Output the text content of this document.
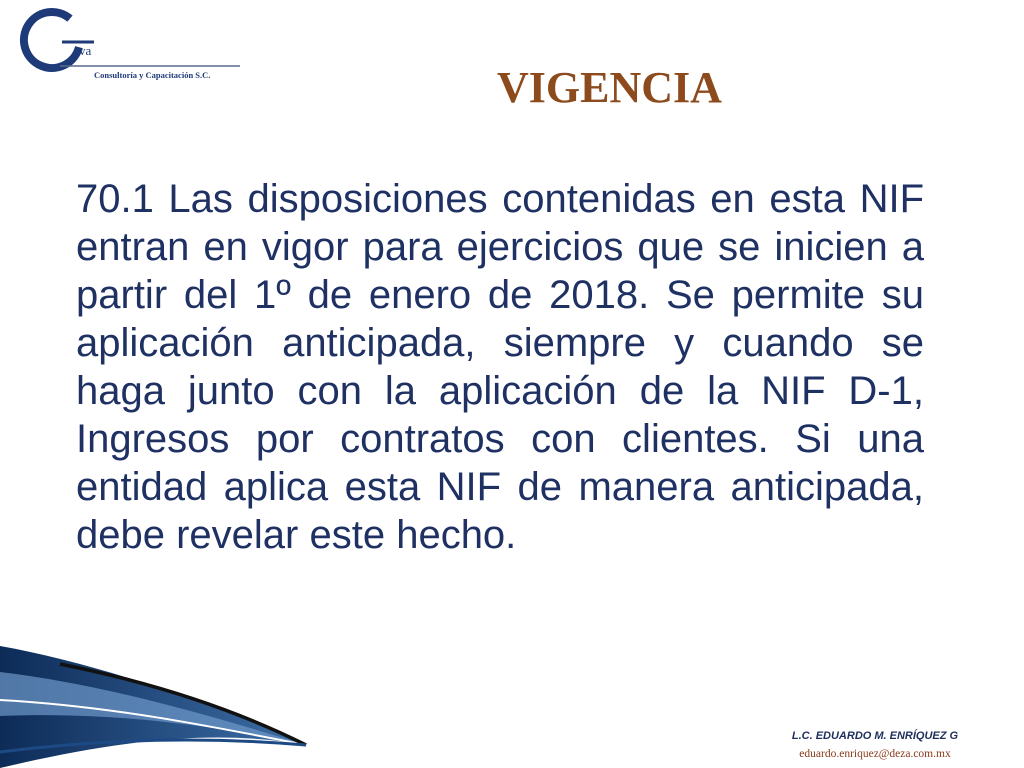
va
Consultoría y Capacitación S.C.	VIGENCIA
70.1 Las disposiciones contenidas en esta NIF
entran en vigor para ejercicios que se inicien a
partir del 1º de enero de 2018. Se permite su
aplicación anticipada, siempre y cuando se
haga junto con la aplicación de la NIF D-1,
Ingresos por contratos con clientes. Si una
entidad aplica esta NIF de manera anticipada,
debe revelar este hecho.
L.C. EDUARDO M. ENRÍQUEZ G
eduardo.enriquez@deza.com.mx
